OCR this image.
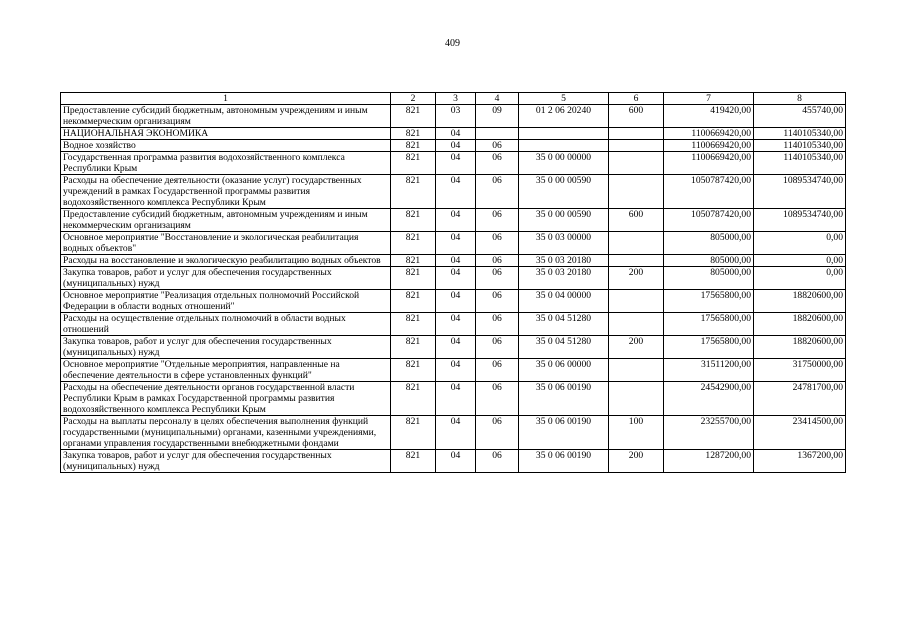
409
1	2	3	4	5	6	7	8
Предоставление субсидий бюджетным, автономным учреждениям и иным некоммерческим организациям	821	03	09	01 2 06 20240	600	419420,00	455740,00
НАЦИОНАЛЬНАЯ ЭКОНОМИКА	821	04				1100669420,00	1140105340,00
Водное хозяйство	821	04	06			1100669420,00	1140105340,00
Государственная программа развития водохозяйственного комплекса Республики Крым	821	04	06	35 0 00 00000		1100669420,00	1140105340,00
Расходы на обеспечение деятельности (оказание услуг) государственных учреждений в рамках Государственной программы развития водохозяйственного комплекса Республики Крым	821	04	06	35 0 00 00590		1050787420,00	1089534740,00
Предоставление субсидий бюджетным, автономным учреждениям и иным некоммерческим организациям	821	04	06	35 0 00 00590	600	1050787420,00	1089534740,00
Основное мероприятие "Восстановление и экологическая реабилитация водных объектов"	821	04	06	35 0 03 00000		805000,00	0,00
Расходы на восстановление и экологическую реабилитацию водных объектов	821	04	06	35 0 03 20180		805000,00	0,00
Закупка товаров, работ и услуг для обеспечения государственных (муниципальных) нужд	821	04	06	35 0 03 20180	200	805000,00	0,00
Основное мероприятие "Реализация отдельных полномочий Российской Федерации в области водных отношений"	821	04	06	35 0 04 00000		17565800,00	18820600,00
Расходы на осуществление отдельных полномочий в области водных отношений	821	04	06	35 0 04 51280		17565800,00	18820600,00
Закупка товаров, работ и услуг для обеспечения государственных (муниципальных) нужд	821	04	06	35 0 04 51280	200	17565800,00	18820600,00
Основное мероприятие "Отдельные мероприятия, направленные на обеспечение деятельности в сфере установленных функций"	821	04	06	35 0 06 00000		31511200,00	31750000,00
Расходы на обеспечение деятельности органов государственной власти Республики Крым в рамках Государственной программы развития водохозяйственного комплекса Республики Крым	821	04	06	35 0 06 00190		24542900,00	24781700,00
Расходы на выплаты персоналу в целях обеспечения выполнения функций государственными (муниципальными) органами, казенными учреждениями, органами управления государственными внебюджетными фондами	821	04	06	35 0 06 00190	100	23255700,00	23414500,00
Закупка товаров, работ и услуг для обеспечения государственных (муниципальных) нужд	821	04	06	35 0 06 00190	200	1287200,00	1367200,00
